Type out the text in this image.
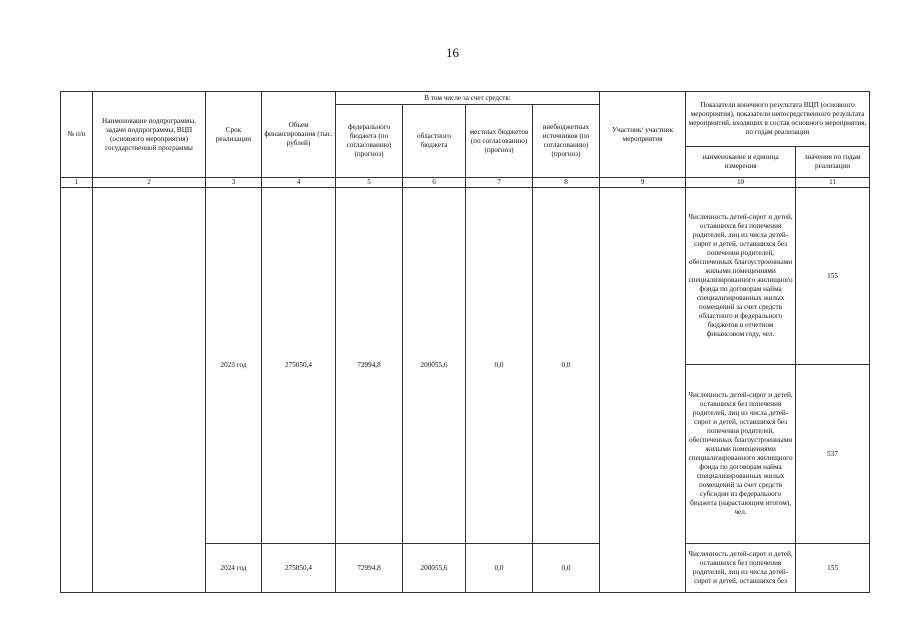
16
№ п/п	Наименование подпрограммы, задачи подпрограммы, ВЦП (основного мероприятия) государственной программы	Срок реализации	Объем финансирования (тыс. рублей)	В том числе за счет средств:				Участник/ участник мероприятия	Показатели конечного результата ВЦП (основного мероприятия), показатели непосредственного результата мероприятий, входящих в состав основного мероприятия, по годам реализации	
				федерального бюджета (по согласованию) (прогноз)	областного бюджета	местных бюджетов (по согласованию) (прогноз)	внебюджетных источников (по согласованию) (прогноз)			
									наименование и единица измерения	значения по годам реализации
1	2	3	4	5	6	7	8	9	10	11
		2023 год	275050,4	72994,8	200055,6	0,0	0,0		Численность детей-сирот и детей, оставшихся без попечения родителей, лиц из числа детей-сирот и детей, оставшихся без попечения родителей, обеспеченных благоустроенными жилыми помещениями специализированного жилищного фонда по договорам найма специализированных жилых помещений за счет средств областного и федерального бюджетов в отчетном финансовом году, чел.	155
									Численность детей-сирот и детей, оставшихся без попечения родителей, лиц из числа детей-сирот и детей, оставшихся без попечения родителей, обеспеченных благоустроенными жилыми помещениями специализированного жилищного фонда по договорам найма специализированных жилых помещений за счет средств субсидии из федерального бюджета (нарастающим итогом), чел.	537
		2024 год	275050,4	72994,8	200055,6	0,0	0,0		Численность детей-сирот и детей, оставшихся без попечения родителей, лиц из числа детей-сирот и детей, оставшихся без	155
